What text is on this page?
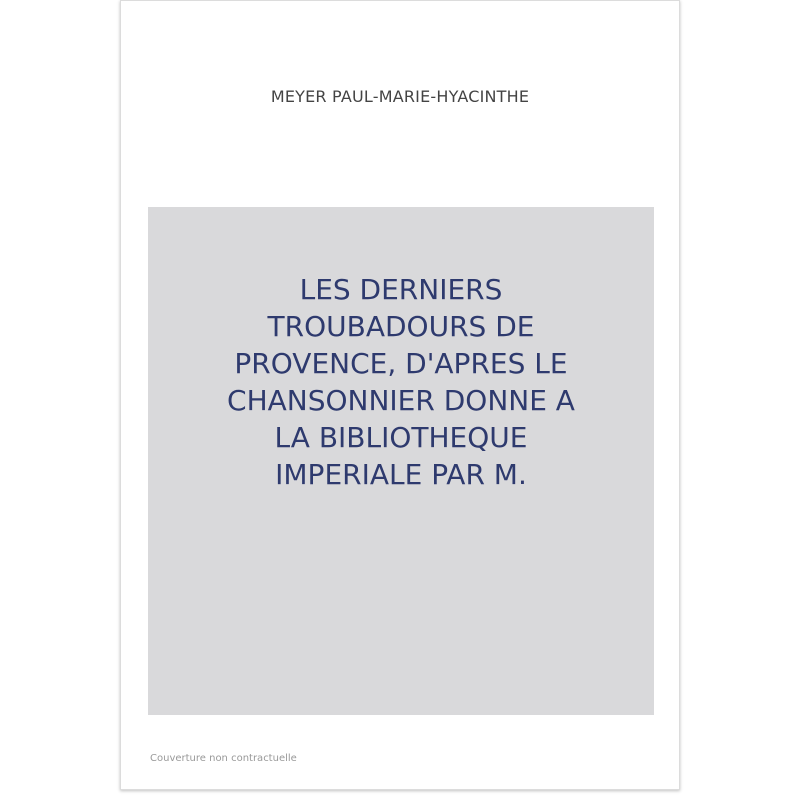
MEYER PAUL-MARIE-HYACINTHE
LES DERNIERS
TROUBADOURS DE
PROVENCE, D'APRES LE
CHANSONNIER DONNE A
LA BIBLIOTHEQUE
IMPERIALE PAR M.
Couverture non contractuelle
